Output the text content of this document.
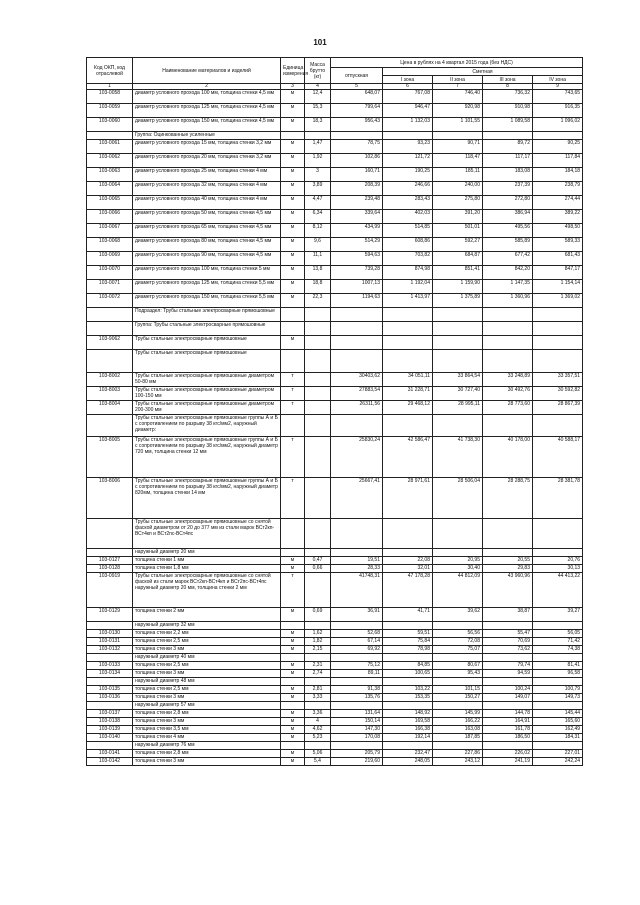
101
Код ОКП, код отраслевой	Наименование материалов и изделий	Единица измерения	Масса брутто (кг)	Цена в рублях на 4 квартал 2015 года (без НДС)				
				отпускная	Сметная			
					I зона	II зона	III зона	IV зона
1	2	3	4	5	6	7	8	9
103-0058	диаметр условного прохода 100 мм, толщина стенки 4,5 мм	м	12,4	648,07	767,08	746,40	736,32	743,65
103-0059	диаметр условного прохода 125 мм, толщина стенки 4,5 мм	м	15,3	799,64	946,47	920,98	910,98	916,35
103-0060	диаметр условного прохода 150 мм, толщина стенки 4,5 мм	м	18,3	956,43	1 132,03	1 101,55	1 089,58	1 096,02
	Группа: Оцинкованные усиленные							
103-0061	диаметр условного прохода 15 мм, толщина стенки 3,2 мм	м	1,47	78,75	93,23	90,71	89,72	90,25
103-0062	диаметр условного прохода 20 мм, толщина стенки 3,2 мм	м	1,92	102,86	121,72	118,47	117,17	117,84
103-0063	диаметр условного прохода 25 мм, толщина стенки 4 мм	м	3	160,71	190,25	185,11	183,08	184,18
103-0064	диаметр условного прохода 32 мм, толщина стенки 4 мм	м	3,89	208,39	246,66	240,00	237,39	238,79
103-0065	диаметр условного прохода 40 мм, толщина стенки 4 мм	м	4,47	239,48	283,43	275,80	272,80	274,44
103-0066	диаметр условного прохода 50 мм, толщина стенки 4,5 мм	м	6,34	339,64	402,03	391,20	386,94	389,22
103-0067	диаметр условного прохода 65 мм, толщина стенки 4,5 мм	м	8,12	434,99	514,85	501,01	495,56	498,50
103-0068	диаметр условного прохода 80 мм, толщина стенки 4,5 мм	м	9,6	514,29	608,86	592,27	585,89	589,33
103-0069	диаметр условного прохода 90 мм, толщина стенки 4,5 мм	м	11,1	594,63	703,82	684,87	677,42	681,43
103-0070	диаметр условного прохода 100 мм, толщина стенки 5 мм	м	13,8	739,28	874,98	851,41	842,20	847,17
103-0071	диаметр условного прохода 125 мм, толщина стенки 5,5 мм	м	18,8	1007,13	1 192,04	1 159,90	1 147,35	1 154,14
103-0072	диаметр условного прохода 150 мм, толщина стенки 5,5 мм	м	22,3	1194,63	1 413,97	1 375,89	1 360,96	1 369,02
	Подраздел: Трубы стальные электросварные прямошовные							
	Группа: Трубы стальные электросварные прямошовные							
103-9062	Трубы стальные электросварные прямошовные	м						
	Трубы стальные электросварные прямошовные							
103-8002	Трубы стальные электросварные прямошовные диаметром 50-80 мм	т		30403,62	34 051,11	33 864,54	33 248,89	33 357,51
103-8003	Трубы стальные электросварные прямошовные диаметром 100-150 мм	т		27883,54	31 228,71	30 727,40	30 492,76	30 592,82
103-8004	Трубы стальные электросварные прямошовные диаметром 200-300 мм	т		26311,56	29 468,12	28 995,11	28 773,60	28 867,39
	Трубы стальные электросварные прямошовные группы А и Б с сопротивлением по разрыву 38 кгс/мм2, наружный диаметр:							
103-8005	Трубы стальные электросварные прямошовные группы А и Б с сопротивлением по разрыву 38 кгс/мм2, наружный диаметр 720 мм, толщина стенки 12 мм	т		25830,24	42 586,47	41 738,30	40 178,00	40 588,17
103-8006	Трубы стальные электросварные прямошовные группы А и Б с сопротивлением по разрыву 38 кгс/мм2, наружный диаметр 820мм, толщина стенки 14 мм	т		25667,41	28 971,61	28 506,04	28 288,75	28 381,78
	Трубы стальные электросварные прямошовные со снятой фаской диаметром от 20 до 377 мм из стали марок ВСт2кп-ВСт4кп и ВСт2пс-ВСт4пс							
	наружный диаметр 20 мм							
103-0127	толщина стенки 1 мм	м	0,47	19,51	22,08	20,95	20,55	20,76
103-0128	толщина стенки 1,8 мм	м	0,66	28,33	32,01	30,40	29,83	30,13
103-0919	Трубы стальные электросварные прямошовные со снятой фаской из стали марок ВСт2кп-ВСт4кп и ВСт2пс-ВСт4пс наружный диаметр 20 мм, толщина стенки 2 мм	т		41748,31	47 178,28	44 812,09	43 960,96	44 413,22
103-0129	толщина стенки 2 мм	м	0,69	36,91	41,71	39,62	38,87	39,27
	наружный диаметр 32 мм							
103-0130	толщина стенки 2,2 мм	м	1,62	52,68	59,51	56,56	55,47	56,05
103-0131	толщина стенки 2,5 мм	м	1,82	67,14	75,84	72,08	70,69	71,42
103-0132	толщина стенки 3 мм	м	2,15	69,92	78,98	75,07	73,62	74,38
	наружный диаметр 40 мм							
103-0133	толщина стенки 2,5 мм	м	2,31	75,12	84,85	80,67	79,74	81,41
103-0134	толщина стенки 3 мм	м	2,74	89,11	100,65	95,43	94,59	96,58
	наружный диаметр 48 мм							
103-0135	толщина стенки 2,5 мм	м	2,81	91,38	103,22	101,15	100,24	100,79
103-0136	толщина стенки 3 мм	м	3,33	135,76	153,35	150,27	149,07	149,73
	наружный диаметр 57 мм							
103-0137	толщина стенки 2,8 мм	м	3,36	131,64	148,92	145,99	144,78	145,44
103-0138	толщина стенки 3 мм	м	4	150,14	169,58	166,22	164,91	165,60
103-0139	толщина стенки 3,5 мм	м	4,62	147,30	166,38	163,08	161,78	162,49
103-0140	толщина стенки 4 мм	м	5,23	170,08	192,14	187,85	186,50	184,31
	наружный диаметр 76 мм							
103-0141	толщина стенки 2,8 мм	м	5,06	205,79	232,47	227,86	226,02	227,01
103-0142	толщина стенки 3 мм	м	5,4	219,60	248,05	243,12	241,19	242,24
